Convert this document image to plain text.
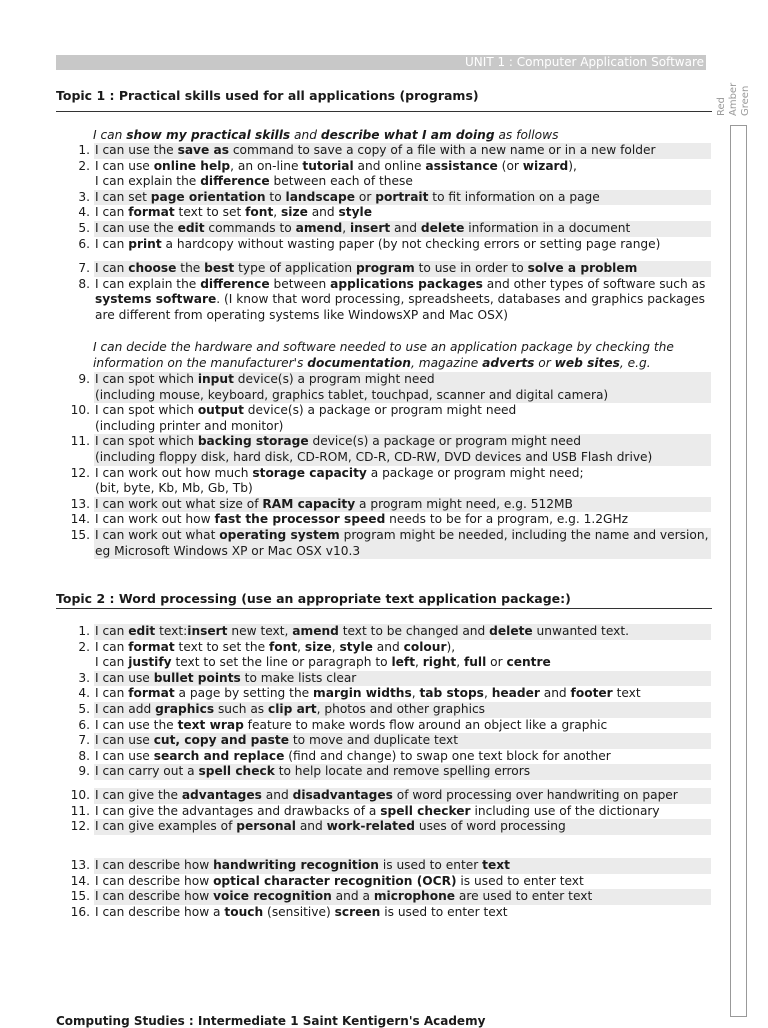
UNIT 1 : Computer Application Software
Topic 1 : Practical skills used for all applications (programs)
Red Amber Green
I can show my practical skills and describe what I am doing as follows
1. I can use the save as command to save a copy of a file with a new name or in a new folder
2. I can use online help, an on-line tutorial and online assistance (or wizard),
I can explain the difference between each of these
3. I can set page orientation to landscape or portrait to fit information on a page
4. I can format text to set font, size and style
5. I can use the edit commands to amend, insert and delete information in a document
6. I can print a hardcopy without wasting paper (by not checking errors or setting page range)
7. I can choose the best type of application program to use in order to solve a problem
8. I can explain the difference between applications packages and other types of software such as systems software. (I know that word processing, spreadsheets, databases and graphics packages are different from operating systems like WindowsXP and Mac OSX)
I can decide the hardware and software needed to use an application package by checking the information on the manufacturer's documentation, magazine adverts or web sites, e.g.
9. I can spot which input device(s) a program might need
(including mouse, keyboard, graphics tablet, touchpad, scanner and digital camera)
10. I can spot which output device(s) a package or program might need
(including printer and monitor)
11. I can spot which backing storage device(s) a package or program might need
(including floppy disk, hard disk, CD-ROM, CD-R, CD-RW, DVD devices and USB Flash drive)
12. I can work out how much storage capacity a package or program might need;
(bit, byte, Kb, Mb, Gb, Tb)
13. I can work out what size of RAM capacity a program might need, e.g. 512MB
14. I can work out how fast the processor speed needs to be for a program, e.g. 1.2GHz
15. I can work out what operating system program might be needed, including the name and version, eg Microsoft Windows XP or Mac OSX v10.3
Topic 2 : Word processing (use an appropriate text application package:)
1. I can edit text:insert new text, amend text to be changed and delete unwanted text.
2. I can format text to set the font, size, style and colour),
I can justify text to set the line or paragraph to left, right, full or centre
3. I can use bullet points to make lists clear
4. I can format a page by setting the margin widths, tab stops, header and footer text
5. I can add graphics such as clip art, photos and other graphics
6. I can use the text wrap feature to make words flow around an object like a graphic
7. I can use cut, copy and paste to move and duplicate text
8. I can use search and replace (find and change) to swap one text block for another
9. I can carry out a spell check to help locate and remove spelling errors
10. I can give the advantages and disadvantages of word processing over handwriting on paper
11. I can give the advantages and drawbacks of a spell checker including use of the dictionary
12. I can give examples of personal and work-related uses of word processing
13. I can describe how handwriting recognition is used to enter text
14. I can describe how optical character recognition (OCR) is used to enter text
15. I can describe how voice recognition and a microphone are used to enter text
16. I can describe how a touch (sensitive) screen is used to enter text
Computing Studies : Intermediate 1 Saint Kentigern's Academy
